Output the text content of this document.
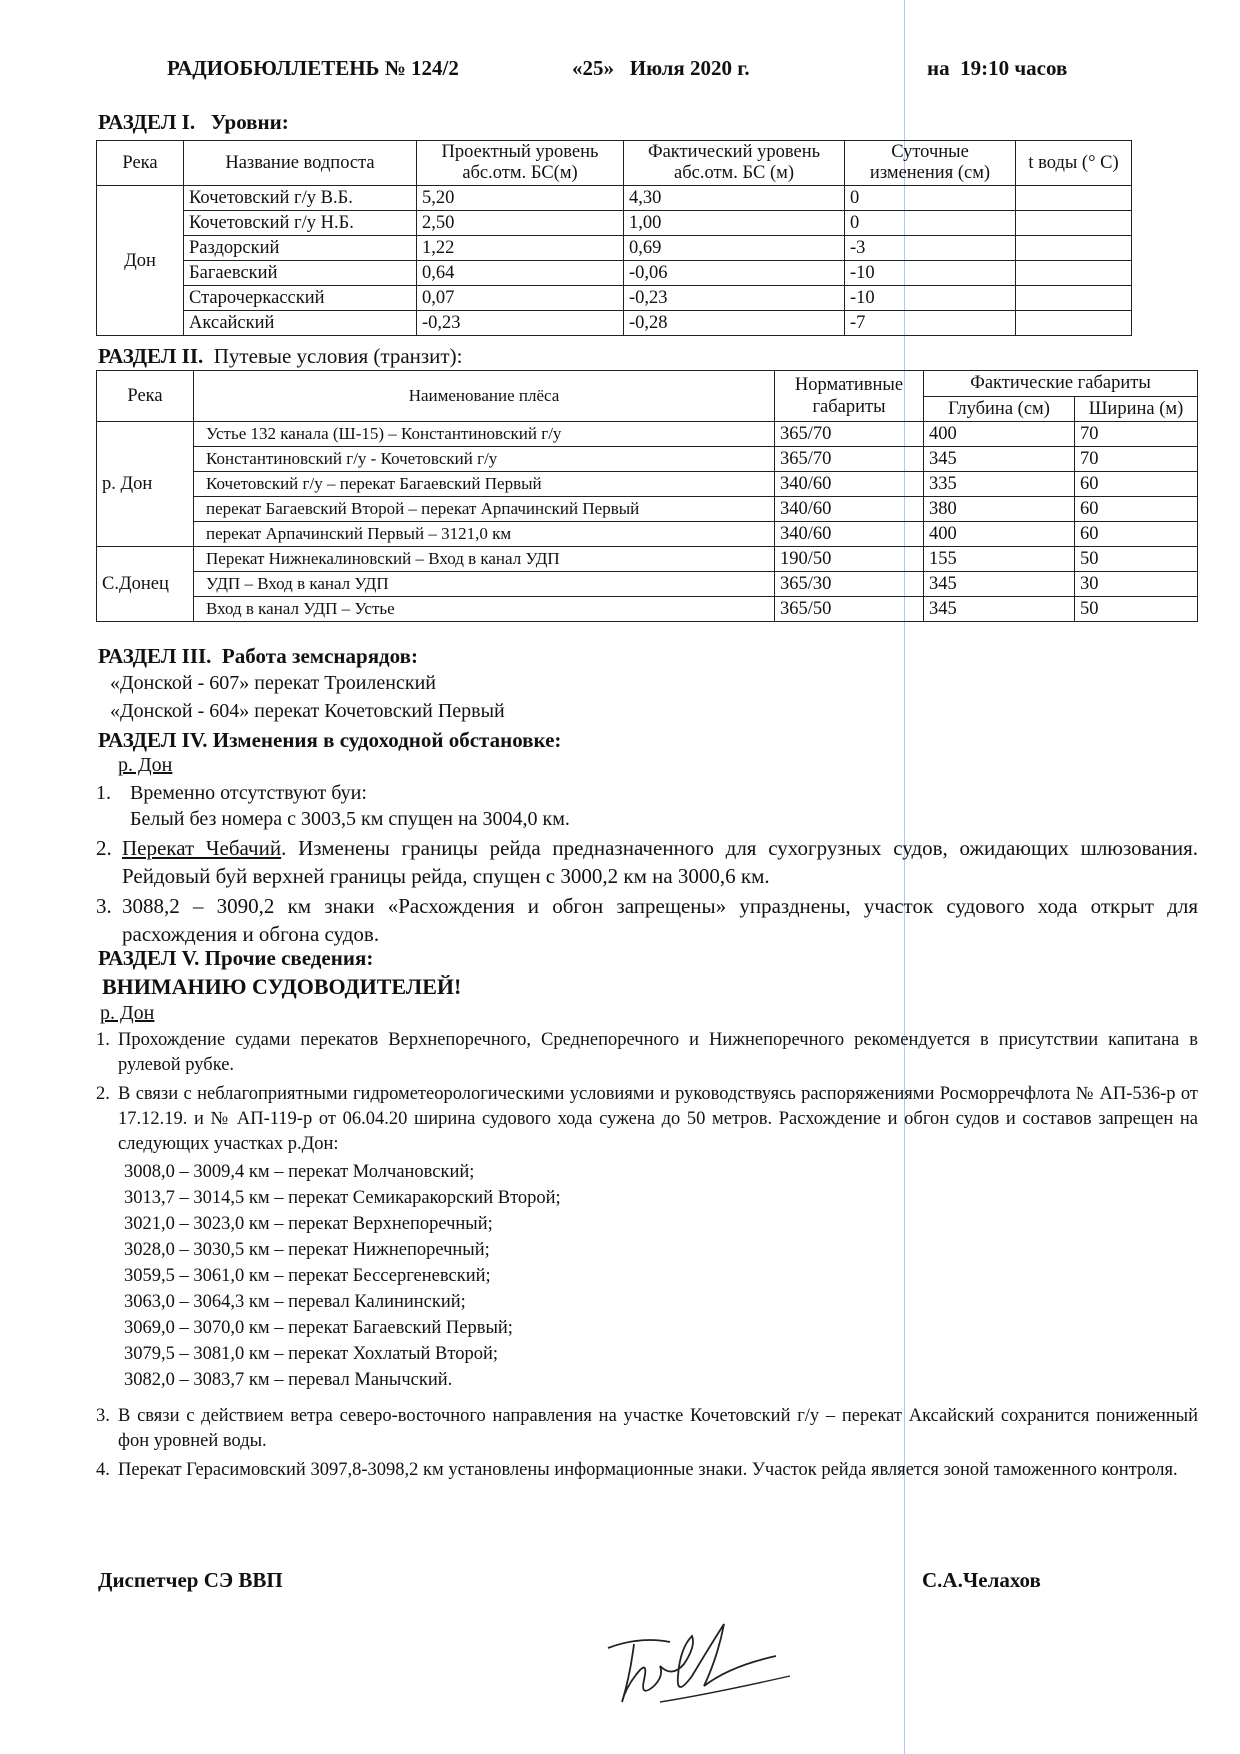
РАДИОБЮЛЛЕТЕНЬ № 124/2	«25»   Июля 2020 г.	на  19:10 часов
РАЗДЕЛ I.   Уровни:
Река	Название водпоста	Проектный уровень абс.отм. БС(м)	Фактический уровень абс.отм. БС (м)	Суточные изменения (см)	t воды (° С)
Дон	Кочетовский г/у В.Б.	5,20	4,30	0	
	Кочетовский г/у Н.Б.	2,50	1,00	0	
	Раздорский	1,22	0,69	-3	
	Багаевский	0,64	-0,06	-10	
	Старочеркасский	0,07	-0,23	-10	
	Аксайский	-0,23	-0,28	-7	
РАЗДЕЛ II. Путевые условия (транзит):
Река	Наименование плёса	Нормативные габариты	Фактические габариты	
			Глубина (см)	Ширина (м)
р. Дон	Устье 132 канала (Ш-15) – Константиновский г/у	365/70	400	70
	Константиновский г/у - Кочетовский г/у	365/70	345	70
	Кочетовский г/у – перекат Багаевский Первый	340/60	335	60
	перекат Багаевский Второй – перекат Арпачинский Первый	340/60	380	60
	перекат Арпачинский Первый – 3121,0 км	340/60	400	60
С.Донец	Перекат Нижнекалиновский – Вход в канал УДП	190/50	155	50
	УДП – Вход в канал УДП	365/30	345	30
	Вход в канал УДП – Устье	365/50	345	50
РАЗДЕЛ III.  Работа земснарядов:
«Донской - 607» перекат Троиленский
«Донской - 604» перекат Кочетовский Первый
РАЗДЕЛ IV. Изменения в судоходной обстановке:
р. Дон
1. Временно отсутствуют буи:
Белый без номера с 3003,5 км спущен на 3004,0 км.
2. Перекат Чебачий. Изменены границы рейда предназначенного для сухогрузных судов, ожидающих шлюзования. Рейдовый буй верхней границы рейда, спущен с 3000,2 км на 3000,6 км.
3. 3088,2 – 3090,2 км знаки «Расхождения и обгон запрещены» упразднены, участок судового хода открыт для расхождения и обгона судов.
РАЗДЕЛ V. Прочие сведения:
ВНИМАНИЮ СУДОВОДИТЕЛЕЙ!
р. Дон
1. Прохождение судами перекатов Верхнепоречного, Среднепоречного и Нижнепоречного рекомендуется в присутствии капитана в рулевой рубке.
2. В связи с неблагоприятными гидрометеорологическими условиями и руководствуясь распоряжениями Росморречфлота № АП-536-р от 17.12.19. и № АП-119-р от 06.04.20 ширина судового хода сужена до 50 метров. Расхождение и обгон судов и составов запрещен на следующих участках р.Дон:
3008,0 – 3009,4 км – перекат Молчановский;
3013,7 – 3014,5 км – перекат Семикаракорский Второй;
3021,0 – 3023,0 км – перекат Верхнепоречный;
3028,0 – 3030,5 км – перекат Нижнепоречный;
3059,5 – 3061,0 км – перекат Бессергеневский;
3063,0 – 3064,3 км – перевал Калининский;
3069,0 – 3070,0 км – перекат Багаевский Первый;
3079,5 – 3081,0 км – перекат Хохлатый Второй;
3082,0 – 3083,7 км – перевал Манычский.
3. В связи с действием ветра северо-восточного направления на участке Кочетовский г/у – перекат Аксайский сохранится пониженный фон уровней воды.
4. Перекат Герасимовский 3097,8-3098,2 км установлены информационные знаки. Участок рейда является зоной таможенного контроля.
Диспетчер СЭ ВВП	С.А.Челахов
